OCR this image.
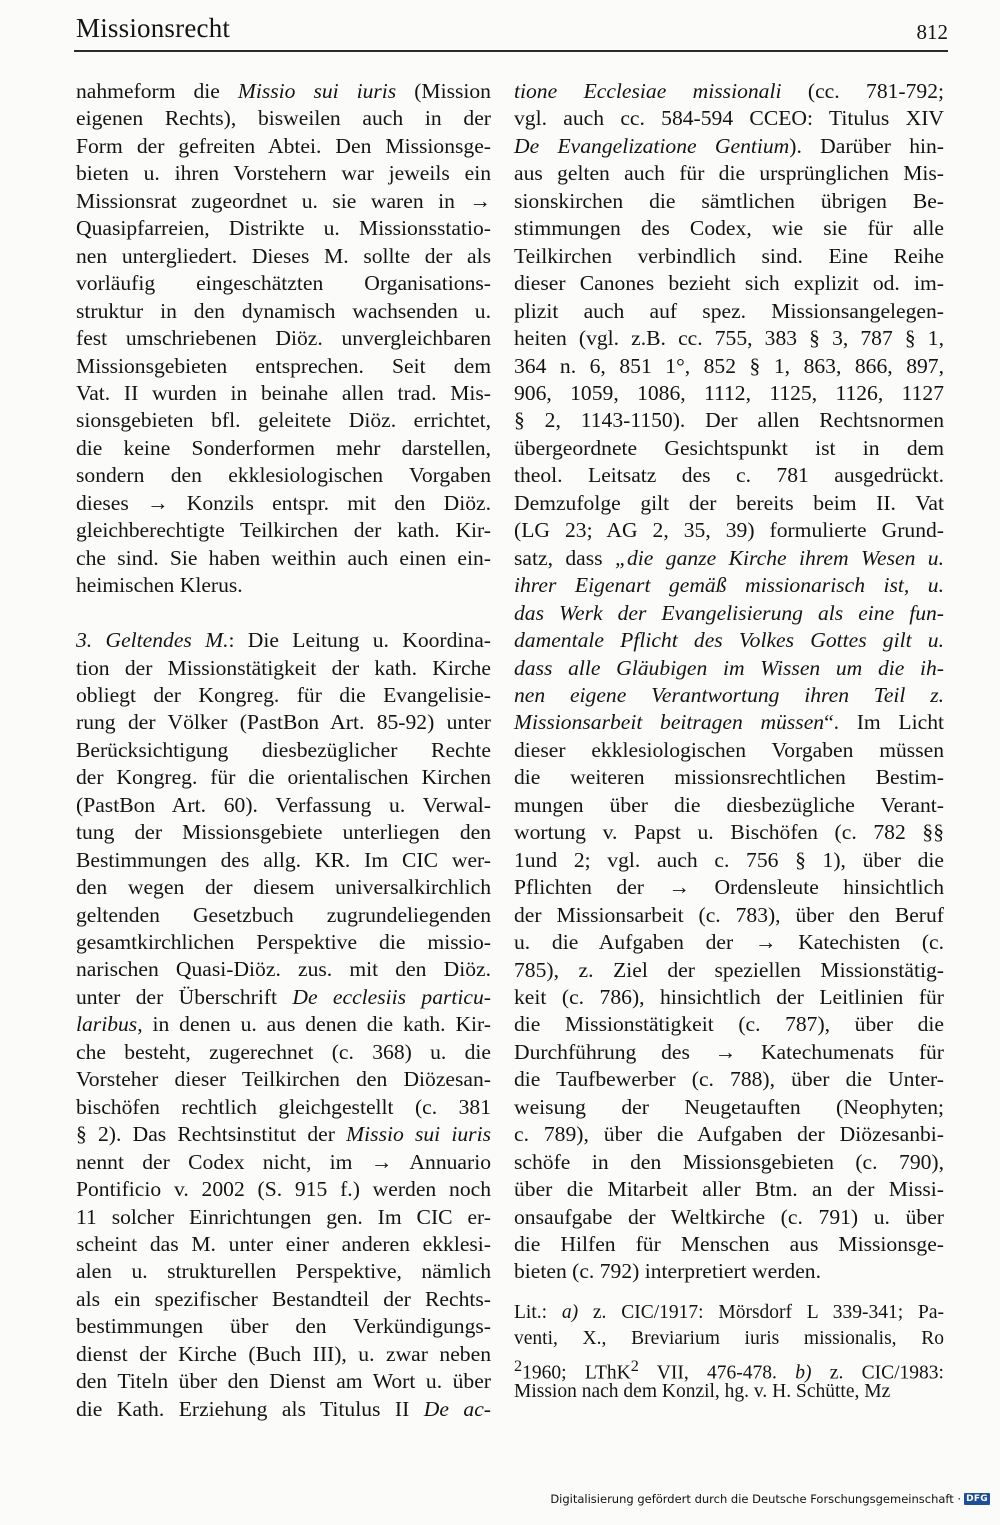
Missionsrecht	812
nahmeform die Missio sui iuris (Mission
eigenen Rechts), bisweilen auch in der
Form der gefreiten Abtei. Den Missionsge-
bieten u. ihren Vorstehern war jeweils ein
Missionsrat zugeordnet u. sie waren in →
Quasipfarreien, Distrikte u. Missionsstatio-
nen untergliedert. Dieses M. sollte der als
vorläufig eingeschätzten Organisations-
struktur in den dynamisch wachsenden u.
fest umschriebenen Diöz. unvergleichbaren
Missionsgebieten entsprechen. Seit dem
Vat. II wurden in beinahe allen trad. Mis-
sionsgebieten bfl. geleitete Diöz. errichtet,
die keine Sonderformen mehr darstellen,
sondern den ekklesiologischen Vorgaben
dieses → Konzils entspr. mit den Diöz.
gleichberechtigte Teilkirchen der kath. Kir-
che sind. Sie haben weithin auch einen ein-
heimischen Klerus.
3. Geltendes M.: Die Leitung u. Koordina-
tion der Missionstätigkeit der kath. Kirche
obliegt der Kongreg. für die Evangelisie-
rung der Völker (PastBon Art. 85-92) unter
Berücksichtigung diesbezüglicher Rechte
der Kongreg. für die orientalischen Kirchen
(PastBon Art. 60). Verfassung u. Verwal-
tung der Missionsgebiete unterliegen den
Bestimmungen des allg. KR. Im CIC wer-
den wegen der diesem universalkirchlich
geltenden Gesetzbuch zugrundeliegenden
gesamtkirchlichen Perspektive die missio-
narischen Quasi-Diöz. zus. mit den Diöz.
unter der Überschrift De ecclesiis particu-
laribus, in denen u. aus denen die kath. Kir-
che besteht, zugerechnet (c. 368) u. die
Vorsteher dieser Teilkirchen den Diözesan-
bischöfen rechtlich gleichgestellt (c. 381
§ 2). Das Rechtsinstitut der Missio sui iuris
nennt der Codex nicht, im → Annuario
Pontificio v. 2002 (S. 915 f.) werden noch
11 solcher Einrichtungen gen. Im CIC er-
scheint das M. unter einer anderen ekklesi-
alen u. strukturellen Perspektive, nämlich
als ein spezifischer Bestandteil der Rechts-
bestimmungen über den Verkündigungs-
dienst der Kirche (Buch III), u. zwar neben
den Titeln über den Dienst am Wort u. über
die Kath. Erziehung als Titulus II De ac-
tione Ecclesiae missionali (cc. 781-792;
vgl. auch cc. 584-594 CCEO: Titulus XIV
De Evangelizatione Gentium). Darüber hin-
aus gelten auch für die ursprünglichen Mis-
sionskirchen die sämtlichen übrigen Be-
stimmungen des Codex, wie sie für alle
Teilkirchen verbindlich sind. Eine Reihe
dieser Canones bezieht sich explizit od. im-
plizit auch auf spez. Missionsangelegen-
heiten (vgl. z.B. cc. 755, 383 § 3, 787 § 1,
364 n. 6, 851 1°, 852 § 1, 863, 866, 897,
906, 1059, 1086, 1112, 1125, 1126, 1127
§ 2, 1143-1150). Der allen Rechtsnormen
übergeordnete Gesichtspunkt ist in dem
theol. Leitsatz des c. 781 ausgedrückt.
Demzufolge gilt der bereits beim II. Vat
(LG 23; AG 2, 35, 39) formulierte Grund-
satz, dass „die ganze Kirche ihrem Wesen u.
ihrer Eigenart gemäß missionarisch ist, u.
das Werk der Evangelisierung als eine fun-
damentale Pflicht des Volkes Gottes gilt u.
dass alle Gläubigen im Wissen um die ih-
nen eigene Verantwortung ihren Teil z.
Missionsarbeit beitragen müssen“. Im Licht
dieser ekklesiologischen Vorgaben müssen
die weiteren missionsrechtlichen Bestim-
mungen über die diesbezügliche Verant-
wortung v. Papst u. Bischöfen (c. 782 §§
1und 2; vgl. auch c. 756 § 1), über die
Pflichten der → Ordensleute hinsichtlich
der Missionsarbeit (c. 783), über den Beruf
u. die Aufgaben der → Katechisten (c.
785), z. Ziel der speziellen Missionstätig-
keit (c. 786), hinsichtlich der Leitlinien für
die Missionstätigkeit (c. 787), über die
Durchführung des → Katechumenats für
die Taufbewerber (c. 788), über die Unter-
weisung der Neugetauften (Neophyten;
c. 789), über die Aufgaben der Diözesanbi-
schöfe in den Missionsgebieten (c. 790),
über die Mitarbeit aller Btm. an der Missi-
onsaufgabe der Weltkirche (c. 791) u. über
die Hilfen für Menschen aus Missionsge-
bieten (c. 792) interpretiert werden.
Lit.: a) z. CIC/1917: Mörsdorf L 339-341; Pa-
venti, X., Breviarium iuris missionalis, Ro
$^2$1960; LThK$^2$ VII, 476-478. b) z. CIC/1983:
Mission nach dem Konzil, hg. v. H. Schütte, Mz
Digitalisierung gefördert durch die Deutsche Forschungsgemeinschaft · DFG
